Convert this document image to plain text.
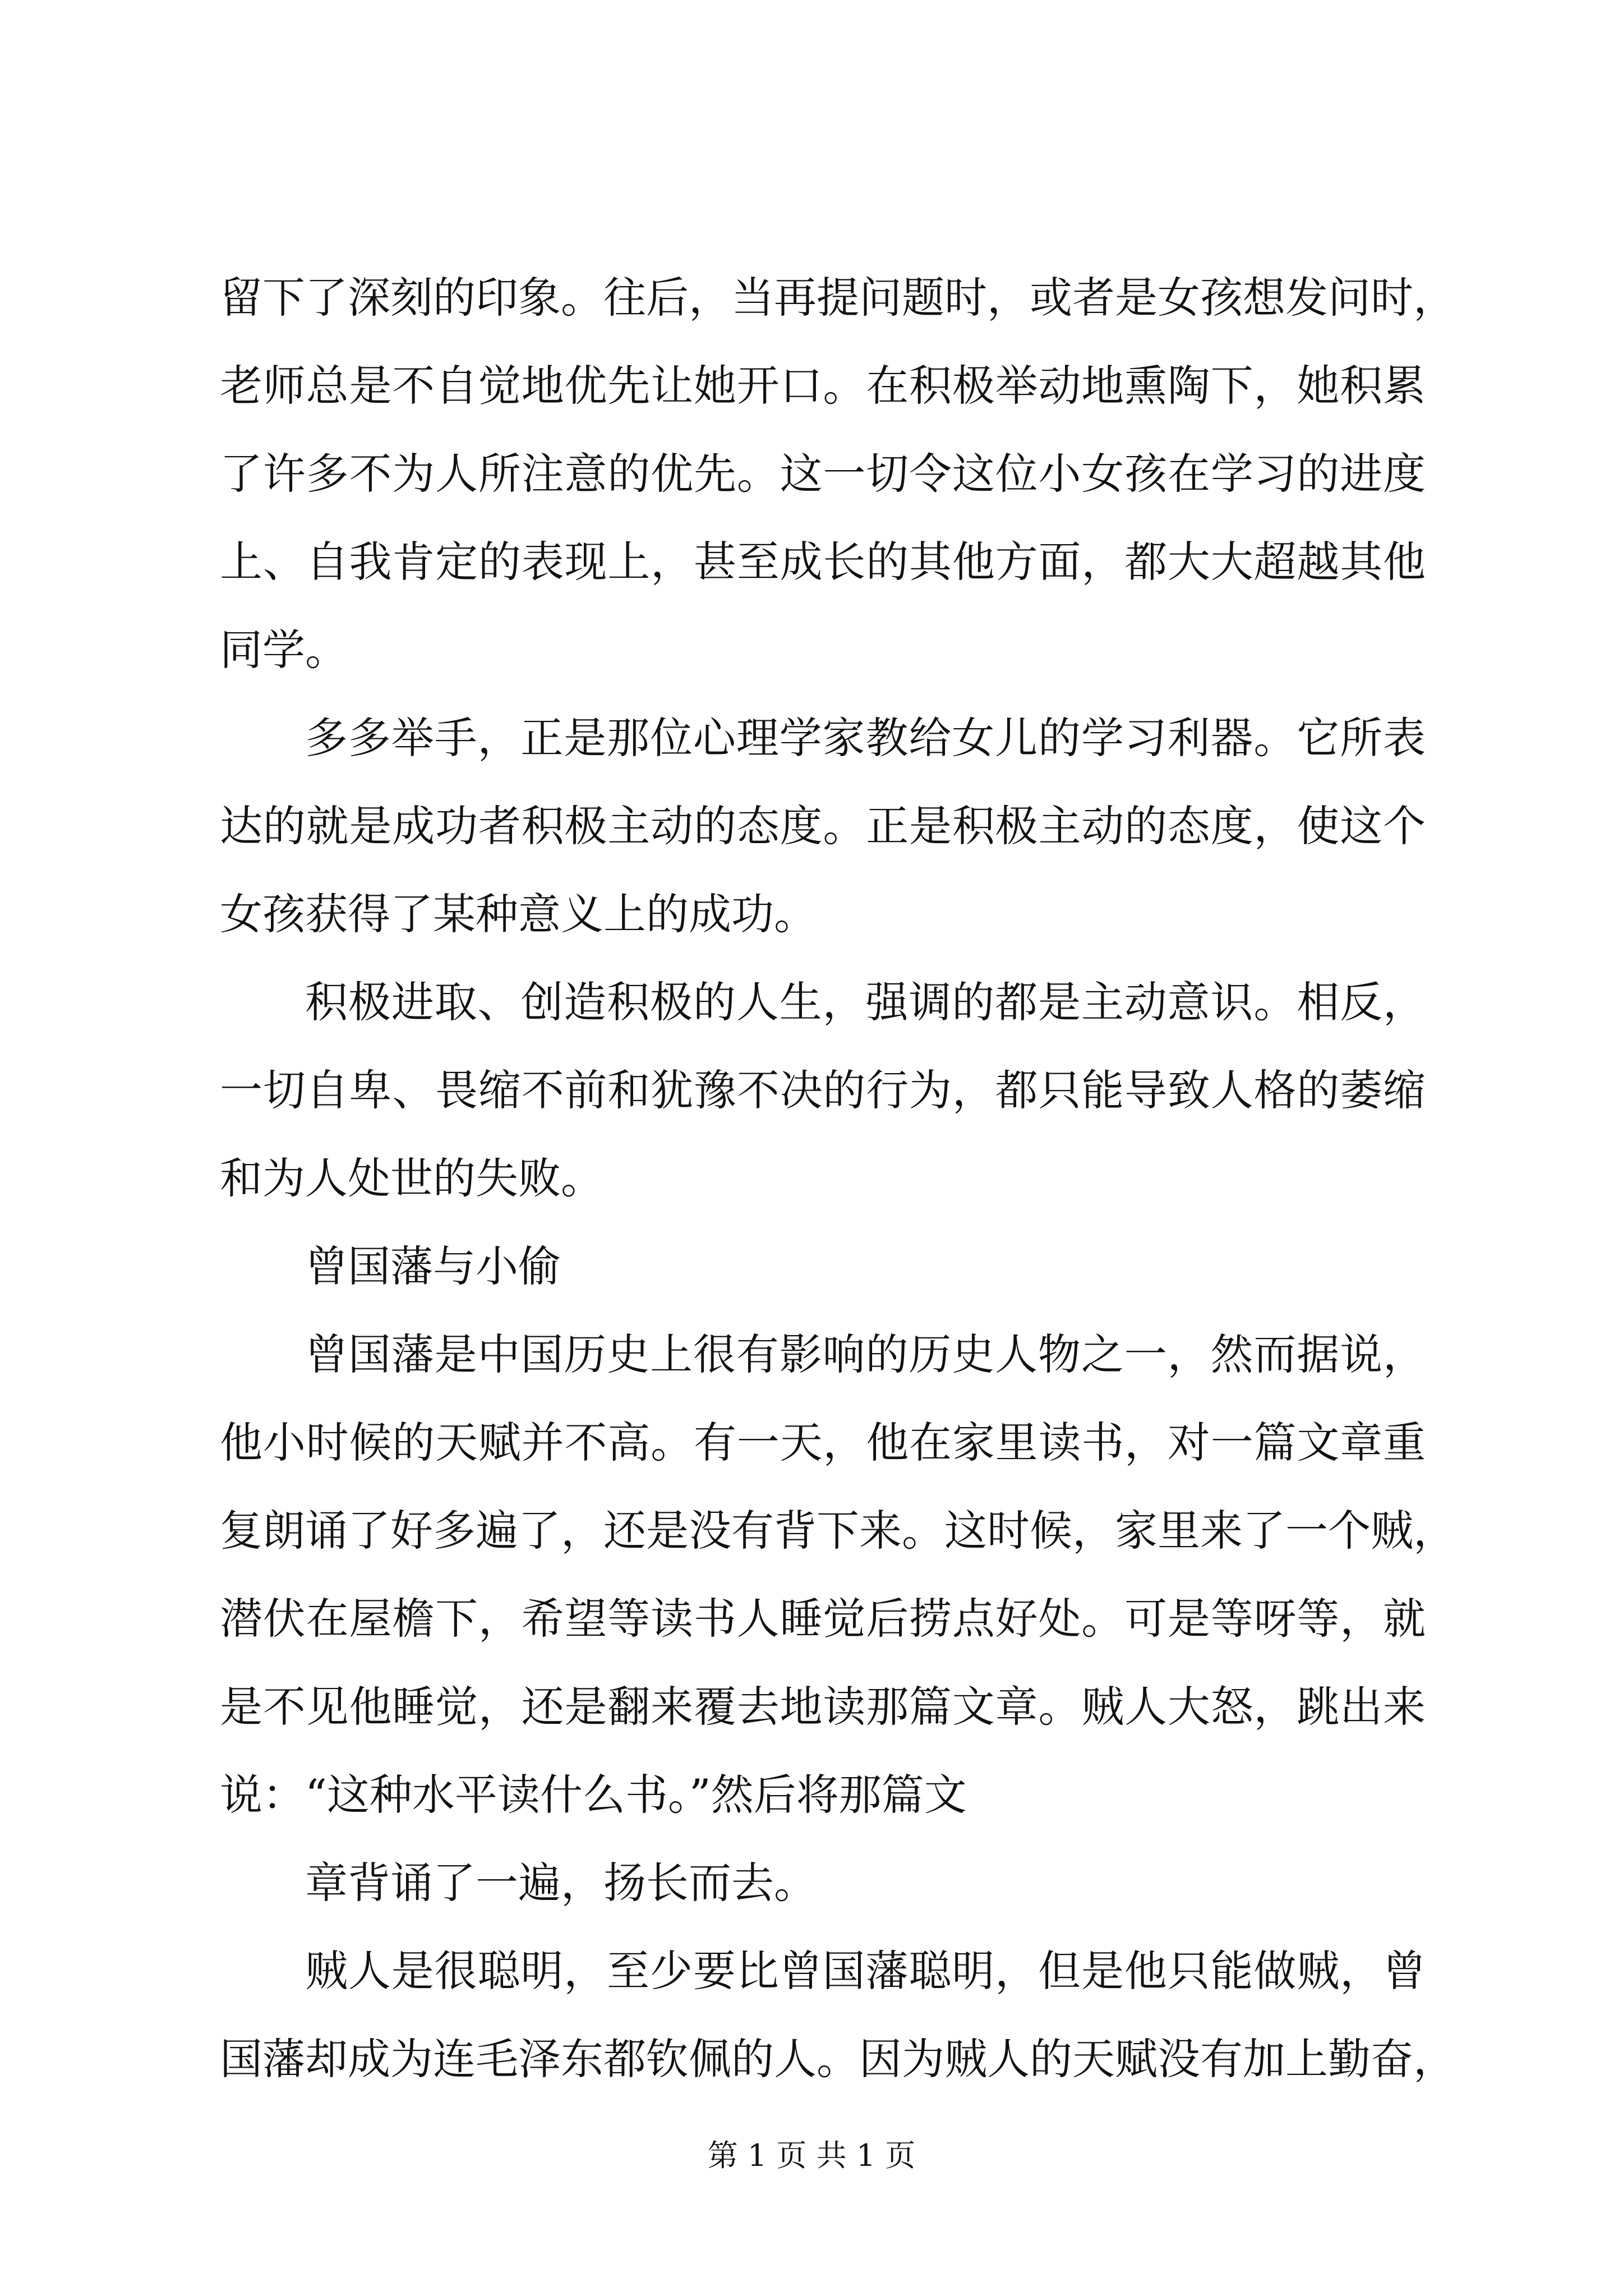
留下了深刻的印象。往后，当再提问题时，或者是女孩想发问时，
老师总是不自觉地优先让她开口。在积极举动地熏陶下，她积累
了许多不为人所注意的优先。这一切令这位小女孩在学习的进度
上、自我肯定的表现上，甚至成长的其他方面，都大大超越其他
同学。
多多举手，正是那位心理学家教给女儿的学习利器。它所表
达的就是成功者积极主动的态度。正是积极主动的态度，使这个
女孩获得了某种意义上的成功。
积极进取、创造积极的人生，强调的都是主动意识。相反，
一切自卑、畏缩不前和犹豫不决的行为，都只能导致人格的萎缩
和为人处世的失败。
曾国藩与小偷
曾国藩是中国历史上很有影响的历史人物之一，然而据说，
他小时候的天赋并不高。有一天，他在家里读书，对一篇文章重
复朗诵了好多遍了，还是没有背下来。这时候，家里来了一个贼，
潜伏在屋檐下，希望等读书人睡觉后捞点好处。可是等呀等，就
是不见他睡觉，还是翻来覆去地读那篇文章。贼人大怒，跳出来
说：“这种水平读什么书。”然后将那篇文
章背诵了一遍，扬长而去。
贼人是很聪明，至少要比曾国藩聪明，但是他只能做贼，曾
国藩却成为连毛泽东都钦佩的人。因为贼人的天赋没有加上勤奋，
第 1 页 共 1 页
